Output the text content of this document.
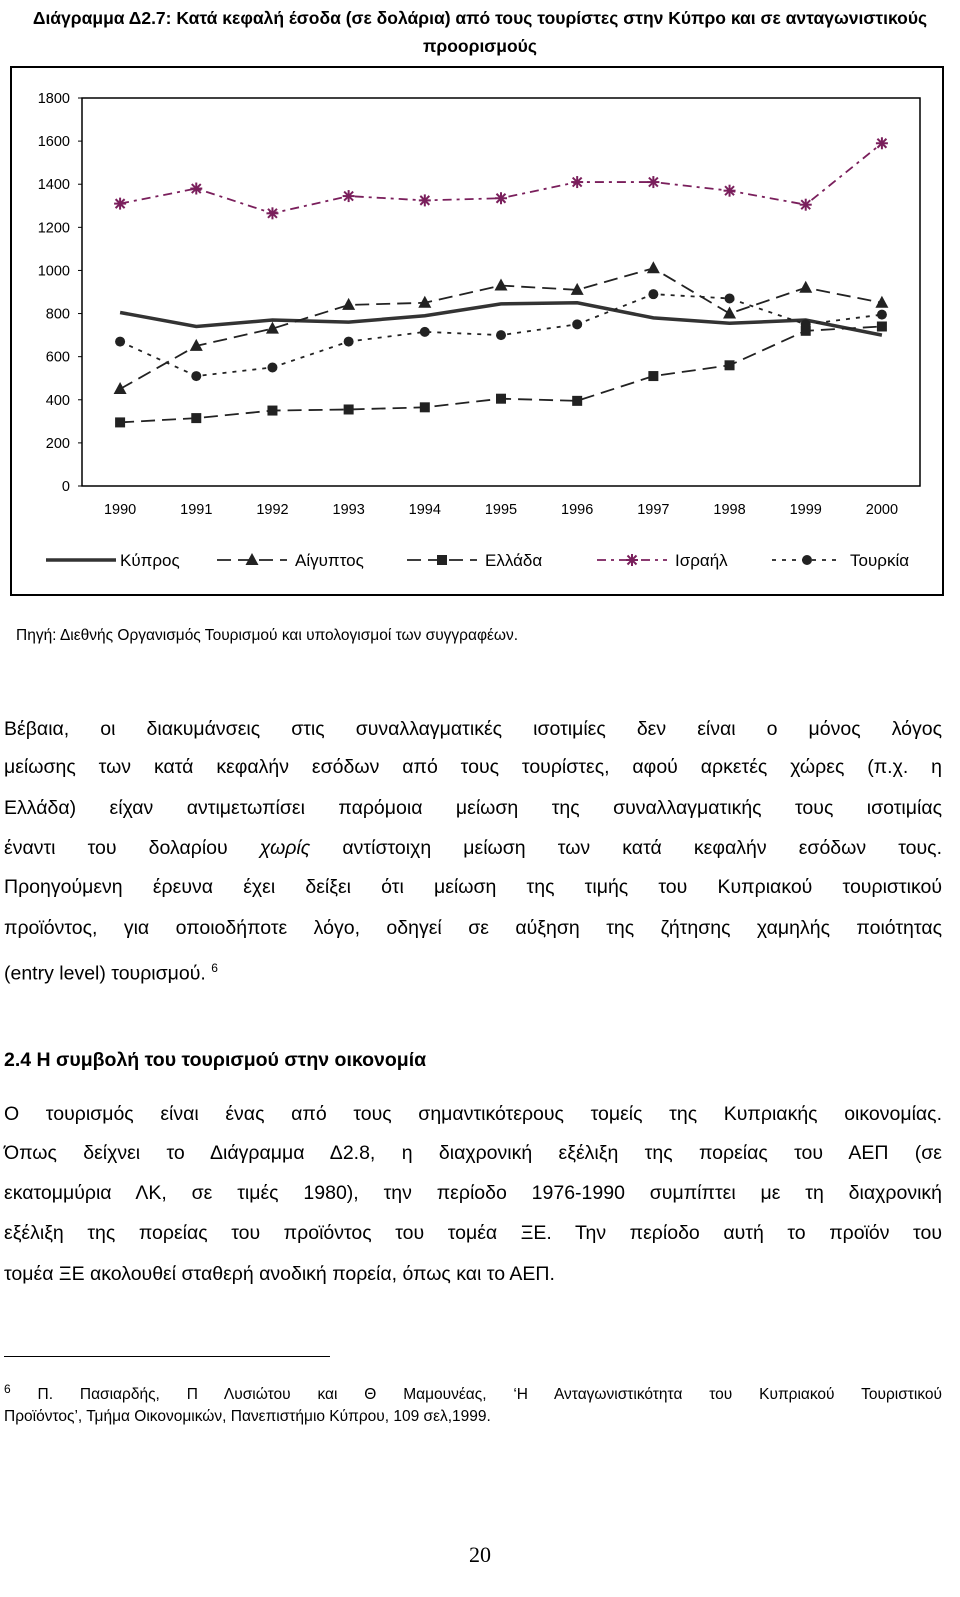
Διάγραμμα Δ2.7: Κατά κεφαλή έσοδα (σε δολάρια) από τους τουρίστες στην Κύπρο και σε ανταγωνιστικούς προορισμούς
0
200
400
600
800
1000
1200
1400
1600
1800
1990	1991	1992	1993	1994	1995	1996	1997	1998	1999	2000
Κύπρος	Αίγυπτος	Ελλάδα	Ισραήλ	Τουρκία
Πηγή: Διεθνής Οργανισμός Τουρισμού και υπολογισμοί των συγγραφέων.
Βέβαια, οι διακυμάνσεις στις συναλλαγματικές ισοτιμίες δεν είναι ο μόνος λόγος
μείωσης των κατά κεφαλήν εσόδων από τους τουρίστες, αφού αρκετές χώρες (π.χ. η
Ελλάδα) είχαν αντιμετωπίσει παρόμοια μείωση της συναλλαγματικής τους ισοτιμίας
έναντι του δολαρίου χωρίς αντίστοιχη μείωση των κατά κεφαλήν εσόδων τους.
Προηγούμενη έρευνα έχει δείξει ότι μείωση της τιμής του Κυπριακού τουριστικού
προϊόντος, για οποιοδήποτε λόγο, οδηγεί σε αύξηση της ζήτησης χαμηλής ποιότητας
(entry level) τουρισμού. $^6$
2.4 Η συμβολή του τουρισμού στην οικονομία
Ο τουρισμός είναι ένας από τους σημαντικότερους τομείς της Κυπριακής οικονομίας.
Όπως δείχνει το Διάγραμμα Δ2.8, η διαχρονική εξέλιξη της πορείας του ΑΕΠ (σε
εκατομμύρια ΛΚ, σε τιμές 1980), την περίοδο 1976-1990 συμπίπτει με τη διαχρονική
εξέλιξη της πορείας του προϊόντος του τομέα ΞΕ. Την περίοδο αυτή το προϊόν του
τομέα ΞΕ ακολουθεί σταθερή ανοδική πορεία, όπως και το ΑΕΠ.
$^6$ Π. Πασιαρδής, Π Λυσιώτου και Θ Μαμουνέας, ‘Η Ανταγωνιστικότητα του Κυπριακού Τουριστικού
Προϊόντος’, Τμήμα Οικονομικών, Πανεπιστήμιο Κύπρου, 109 σελ,1999.
20
